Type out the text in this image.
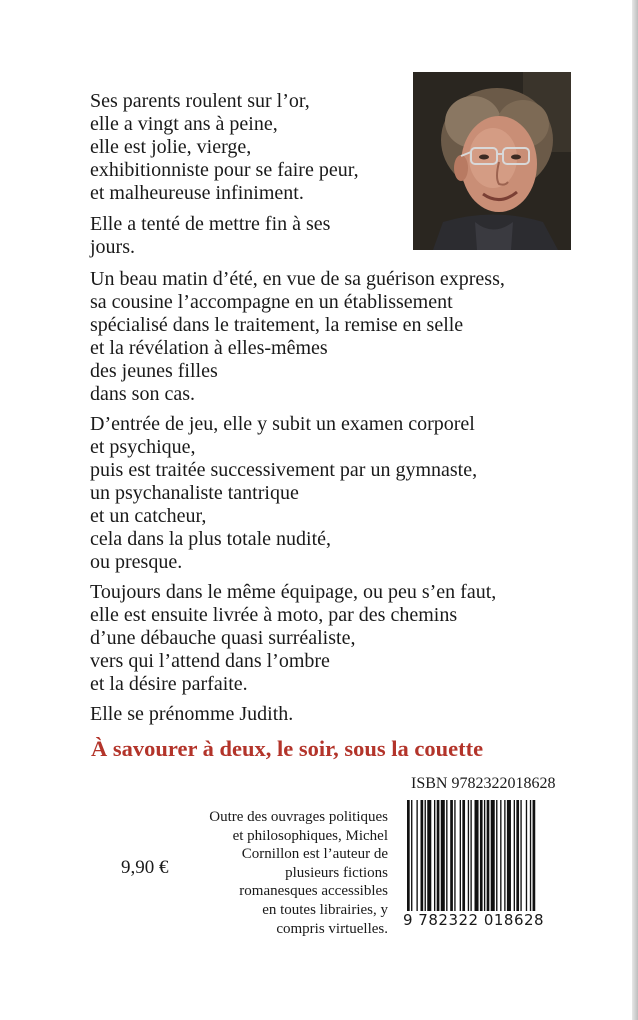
Ses parents roulent sur l’or,
elle a vingt ans à peine,
elle est jolie, vierge,
exhibitionniste pour se faire peur,
et malheureuse infiniment.

Elle a tenté de mettre fin à ses
jours.

Un beau matin d’été, en vue de sa guérison express,
sa cousine l’accompagne en un établissement
spécialisé dans le traitement, la remise en selle
et la révélation à elles-mêmes
des jeunes filles
dans son cas.

D’entrée de jeu, elle y subit un examen corporel
et psychique,
puis est traitée successivement par un gymnaste,
un psychanaliste tantrique
et un catcheur,
cela dans la plus totale nudité,
ou presque.

Toujours dans le même équipage, ou peu s’en faut,
elle est ensuite livrée à moto, par des chemins
d’une débauche quasi surréaliste,
vers qui l’attend dans l’ombre
et la désire parfaite.

Elle se prénomme Judith.

À savourer à deux, le soir, sous la couette
ISBN 9782322018628
Outre des ouvrages politiques
et philosophiques, Michel
Cornillon est l’auteur de
plusieurs fictions
romanesques accessibles
en toutes librairies, y
compris virtuelles.
9,90 €
9 782322 018628
